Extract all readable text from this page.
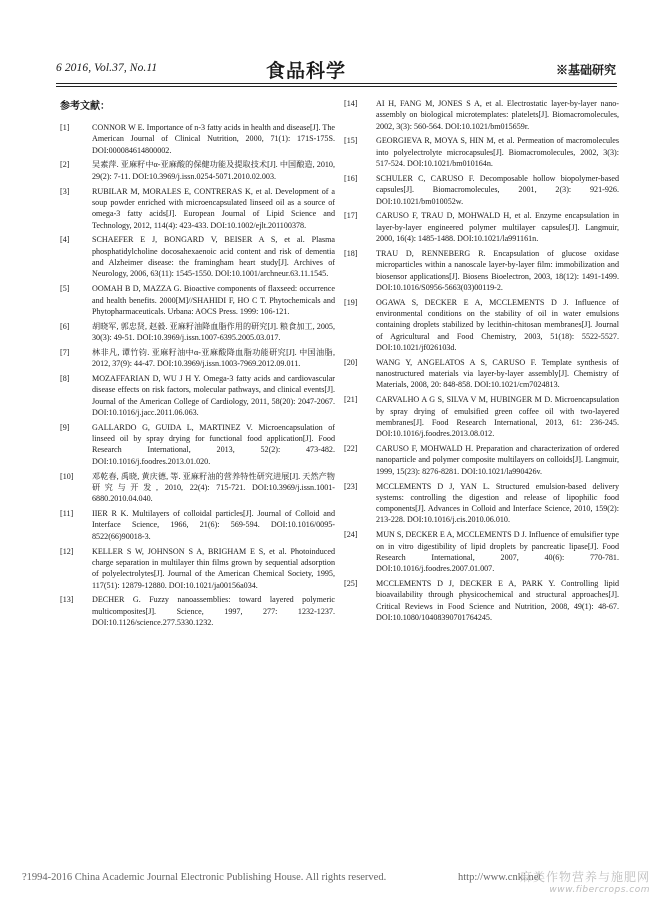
6 2016, Vol.37, No.11	食品科学	※基础研究
参考文献：
[1]	CONNOR W E. Importance of n-3 fatty acids in health and disease[J]. The American Journal of Clinical Nutrition, 2000, 71(1): 171S-175S. DOI:000084614800002.
[2]	吴素萍. 亚麻籽中α-亚麻酸的保健功能及提取技术[J]. 中国酿造, 2010, 29(2): 7-11. DOI:10.3969/j.issn.0254-5071.2010.02.003.
[3]	RUBILAR M, MORALES E, CONTRERAS K, et al. Development of a soup powder enriched with microencapsulated linseed oil as a source of omega-3 fatty acids[J]. European Journal of Lipid Science and Technology, 2012, 114(4): 423-433. DOI:10.1002/ejlt.201100378.
[4]	SCHAEFER E J, BONGARD V, BEISER A S, et al. Plasma phosphatidylcholine docosahexaenoic acid content and risk of dementia and Alzheimer disease: the framingham heart study[J]. Archives of Neurology, 2006, 63(11): 1545-1550. DOI:10.1001/archneur.63.11.1545.
[5]	OOMAH B D, MAZZA G. Bioactive components of flaxseed: occurrence and health benefits. 2000[M]//SHAHIDI F, HO C T. Phytochemicals and Phytopharmaceuticals. Urbana: AOCS Press. 1999: 106-121.
[6]	胡晓军, 郭忠贤, 赵毅. 亚麻籽油降血脂作用的研究[J]. 粮食加工, 2005, 30(3): 49-51. DOI:10.3969/j.issn.1007-6395.2005.03.017.
[7]	林非凡, 谭竹钧. 亚麻籽油中α-亚麻酸降血脂功能研究[J]. 中国油脂, 2012, 37(9): 44-47. DOI:10.3969/j.issn.1003-7969.2012.09.011.
[8]	MOZAFFARIAN D, WU J H Y. Omega-3 fatty acids and cardiovascular disease effects on risk factors, molecular pathways, and clinical events[J]. Journal of the American College of Cardiology, 2011, 58(20): 2047-2067. DOI:10.1016/j.jacc.2011.06.063.
[9]	GALLARDO G, GUIDA L, MARTINEZ V. Microencapsulation of linseed oil by spray drying for functional food application[J]. Food Research International, 2013, 52(2): 473-482. DOI:10.1016/j.foodres.2013.01.020.
[10] 邓乾春, 禹晓, 黄庆德, 等. 亚麻籽油的营养特性研究进展[J]. 天然产物研究与开发, 2010, 22(4): 715-721. DOI:10.3969/j.issn.1001-6880.2010.04.040.
[11] IIER R K. Multilayers of colloidal particles[J]. Journal of Colloid and Interface Science, 1966, 21(6): 569-594. DOI:10.1016/0095-8522(66)90018-3.
[12] KELLER S W, JOHNSON S A, BRIGHAM E S, et al. Photoinduced charge separation in multilayer thin films grown by sequential adsorption of polyelectrolytes[J]. Journal of the American Chemical Society, 1995, 117(51): 12879-12880. DOI:10.1021/ja00156a034.
[13] DECHER G. Fuzzy nanoassemblies: toward layered polymeric multicomposites[J]. Science, 1997, 277: 1232-1237. DOI:10.1126/science.277.5330.1232.
[14] AI H, FANG M, JONES S A, et al. Electrostatic layer-by-layer nano-assembly on biological microtemplates: platelets[J]. Biomacromolecules, 2002, 3(3): 560-564. DOI:10.1021/bm015659r.
[15] GEORGIEVA R, MOYA S, HIN M, et al. Permeation of macromolecules into polyelectrolyte microcapsules[J]. Biomacromolecules, 2002, 3(3): 517-524. DOI:10.1021/bm010164n.
[16] SCHULER C, CARUSO F. Decomposable hollow biopolymer-based capsules[J]. Biomacromolecules, 2001, 2(3): 921-926. DOI:10.1021/bm010052w.
[17] CARUSO F, TRAU D, MOHWALD H, et al. Enzyme encapsulation in layer-by-layer engineered polymer multilayer capsules[J]. Langmuir, 2000, 16(4): 1485-1488. DOI:10.1021/la991161n.
[18] TRAU D, RENNEBERG R. Encapsulation of glucose oxidase microparticles within a nanoscale layer-by-layer film: immobilization and biosensor applications[J]. Biosens Bioelectron, 2003, 18(12): 1491-1499. DOI:10.1016/S0956-5663(03)00119-2.
[19] OGAWA S, DECKER E A, MCCLEMENTS D J. Influence of environmental conditions on the stability of oil in water emulsions containing droplets stabilized by lecithin-chitosan membranes[J]. Journal of Agricultural and Food Chemistry, 2003, 51(18): 5522-5527. DOI:10.1021/jf026103d.
[20] WANG Y, ANGELATOS A S, CARUSO F. Template synthesis of nanostructured materials via layer-by-layer assembly[J]. Chemistry of Materials, 2008, 20: 848-858. DOI:10.1021/cm7024813.
[21] CARVALHO A G S, SILVA V M, HUBINGER M D. Microencapsulation by spray drying of emulsified green coffee oil with two-layered membranes[J]. Food Research International, 2013, 61: 236-245. DOI:10.1016/j.foodres.2013.08.012.
[22] CARUSO F, MOHWALD H. Preparation and characterization of ordered nanoparticle and polymer composite multilayers on colloids[J]. Langmuir, 1999, 15(23): 8276-8281. DOI:10.1021/la990426v.
[23] MCCLEMENTS D J, YAN L. Structured emulsion-based delivery systems: controlling the digestion and release of lipophilic food components[J]. Advances in Colloid and Interface Science, 2010, 159(2): 213-228. DOI:10.1016/j.cis.2010.06.010.
[24] MUN S, DECKER E A, MCCLEMENTS D J. Influence of emulsifier type on in vitro digestibility of lipid droplets by pancreatic lipase[J]. Food Research International, 2007, 40(6): 770-781. DOI:10.1016/j.foodres.2007.01.007.
[25] MCCLEMENTS D J, DECKER E A, PARK Y. Controlling lipid bioavailability through physicochemical and structural approaches[J]. Critical Reviews in Food Science and Nutrition, 2008, 49(1): 48-67. DOI:10.1080/10408390701764245.
?1994-2016 China Academic Journal Electronic Publishing House. All rights reserved.	http://www.cnki.net
麻类作物营养与施肥网
www.fibercrops.com
